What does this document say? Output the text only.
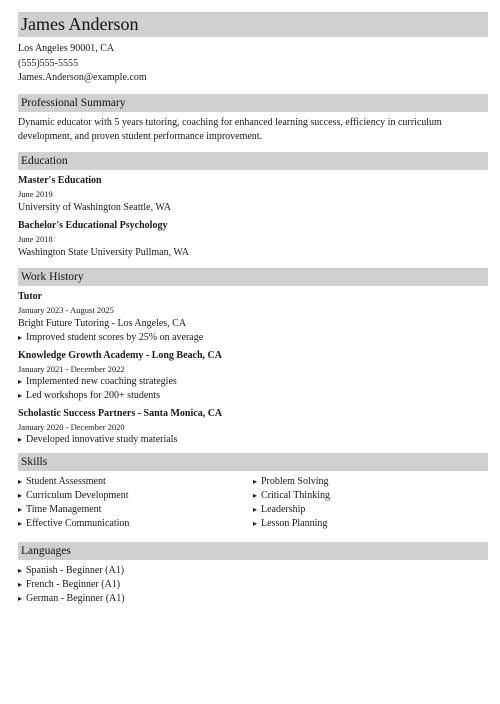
James Anderson
Los Angeles 90001, CA
(555)555-5555
James.Anderson@example.com
Professional Summary
Dynamic educator with 5 years tutoring, coaching for enhanced learning success, efficiency in curriculum development, and proven student performance improvement.
Education
Master's Education
June 2019
University of Washington Seattle, WA
Bachelor's Educational Psychology
June 2018
Washington State University Pullman, WA
Work History
Tutor
January 2023 - August 2025
Bright Future Tutoring - Los Angeles, CA
▸ Improved student scores by 25% on average
Knowledge Growth Academy - Long Beach, CA
January 2021 - December 2022
▸ Implemented new coaching strategies
▸ Led workshops for 200+ students
Scholastic Success Partners - Santa Monica, CA
January 2020 - December 2020
▸ Developed innovative study materials
Skills
▸ Student Assessment
▸ Curriculum Development
▸ Time Management
▸ Effective Communication
▸ Problem Solving
▸ Critical Thinking
▸ Leadership
▸ Lesson Planning
Languages
▸ Spanish - Beginner (A1)
▸ French - Beginner (A1)
▸ German - Beginner (A1)
